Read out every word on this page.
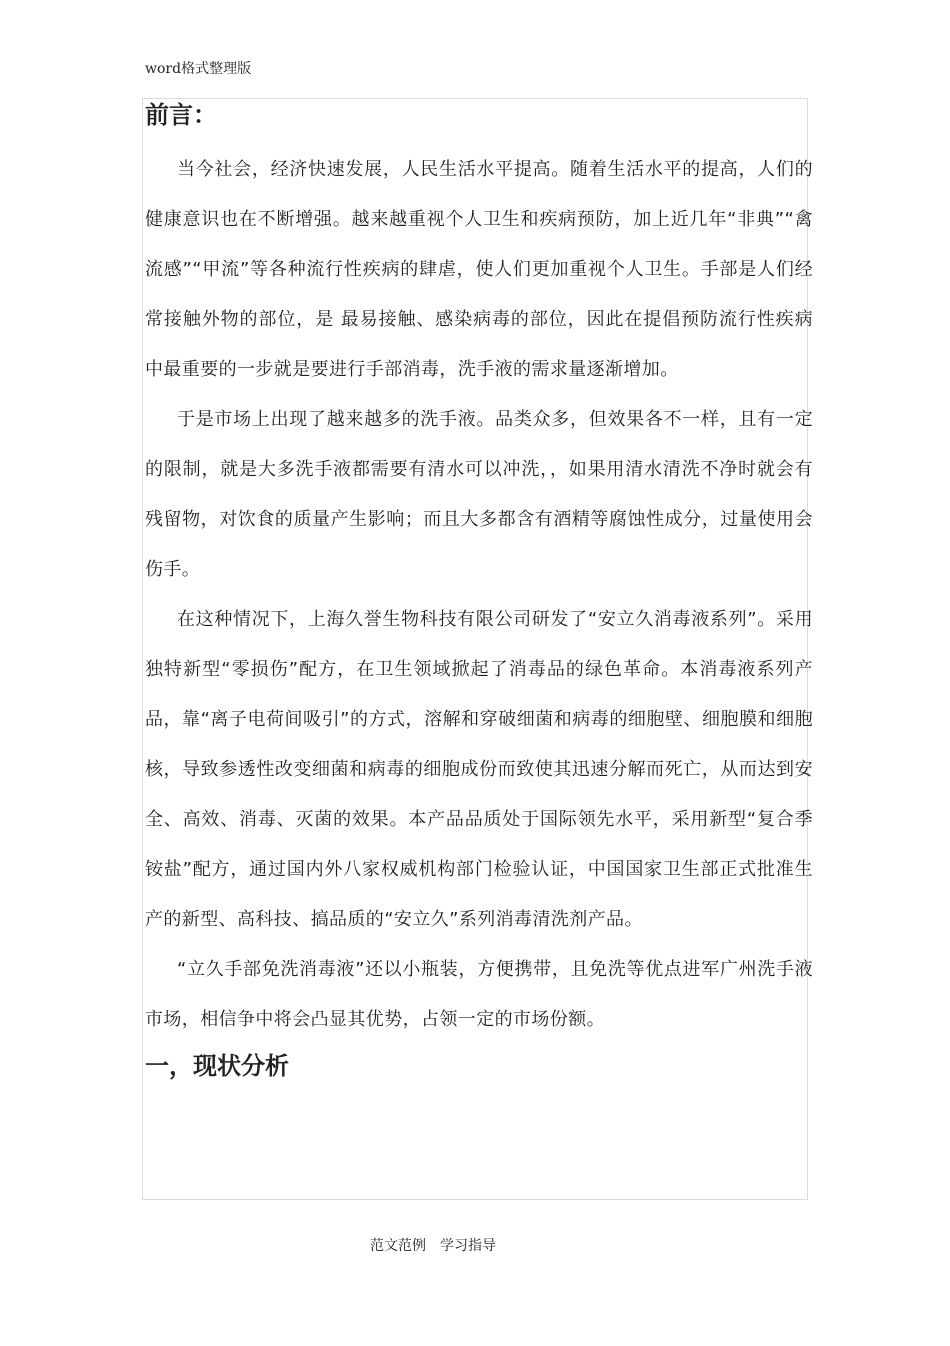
word格式整理版
前言：

当今社会，经济快速发展，人民生活水平提高。随着生活水平的提高，人们的健康意识也在不断增强。越来越重视个人卫生和疾病预防，加上近几年“非典”“禽流感”“甲流”等各种流行性疾病的肆虐，使人们更加重视个人卫生。手部是人们经常接触外物的部位，是 最易接触、感染病毒的部位，因此在提倡预防流行性疾病中最重要的一步就是要进行手部消毒，洗手液的需求量逐渐增加。

于是市场上出现了越来越多的洗手液。品类众多，但效果各不一样，且有一定的限制，就是大多洗手液都需要有清水可以冲洗，，如果用清水清洗不净时就会有残留物，对饮食的质量产生影响；而且大多都含有酒精等腐蚀性成分，过量使用会伤手。

在这种情况下，上海久誉生物科技有限公司研发了“安立久消毒液系列”。采用独特新型“零损伤”配方，在卫生领域掀起了消毒品的绿色革命。本消毒液系列产品，靠“离子电荷间吸引”的方式，溶解和穿破细菌和病毒的细胞壁、细胞膜和细胞核，导致参透性改变细菌和病毒的细胞成份而致使其迅速分解而死亡，从而达到安全、高效、消毒、灭菌的效果。本产品品质处于国际领先水平，采用新型“复合季铵盐”配方，通过国内外八家权威机构部门检验认证，中国国家卫生部正式批准生产的新型、高科技、搞品质的“安立久”系列消毒清洗剂产品。

“立久手部免洗消毒液”还以小瓶装，方便携带，且免洗等优点进军广州洗手液市场，相信争中将会凸显其优势，占领一定的市场份额。

一，现状分析
范文范例　学习指导
